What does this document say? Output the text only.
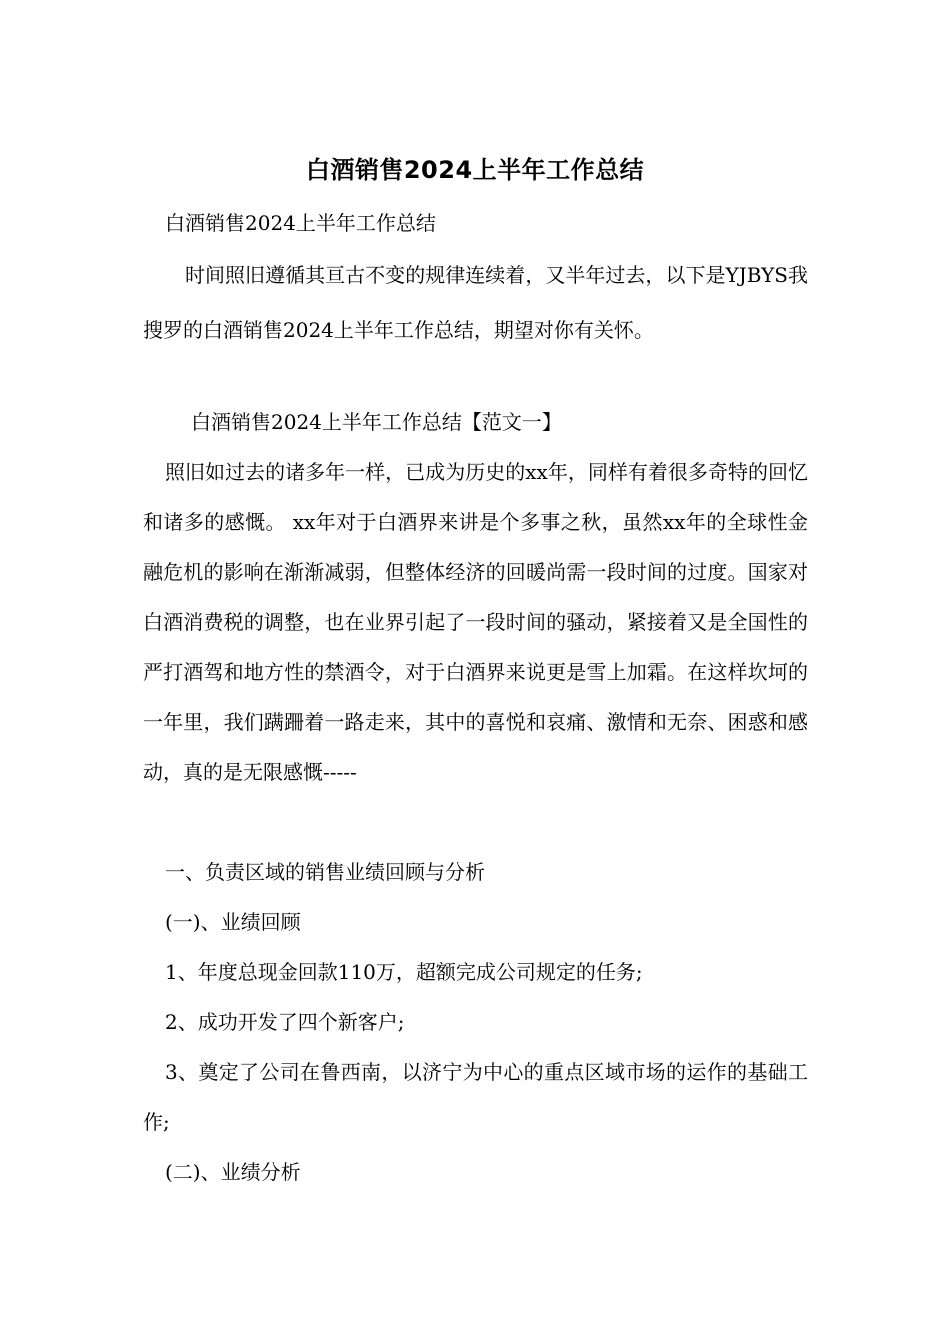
白酒销售2024上半年工作总结

白酒销售2024上半年工作总结

时间照旧遵循其亘古不变的规律连续着，又半年过去，以下是YJBYS我搜罗的白酒销售2024上半年工作总结，期望对你有关怀。

白酒销售2024上半年工作总结【范文一】

照旧如过去的诸多年一样，已成为历史的xx年，同样有着很多奇特的回忆和诸多的感慨。 xx年对于白酒界来讲是个多事之秋，虽然xx年的全球性金融危机的影响在渐渐减弱，但整体经济的回暖尚需一段时间的过度。国家对白酒消费税的调整，也在业界引起了一段时间的骚动，紧接着又是全国性的严打酒驾和地方性的禁酒令，对于白酒界来说更是雪上加霜。在这样坎坷的一年里，我们蹒跚着一路走来，其中的喜悦和哀痛、激情和无奈、困惑和感动，真的是无限感慨-----

一、负责区域的销售业绩回顾与分析

(一)、业绩回顾

1、年度总现金回款110万，超额完成公司规定的任务;

2、成功开发了四个新客户;

3、奠定了公司在鲁西南，以济宁为中心的重点区域市场的运作的基础工作;

(二)、业绩分析
